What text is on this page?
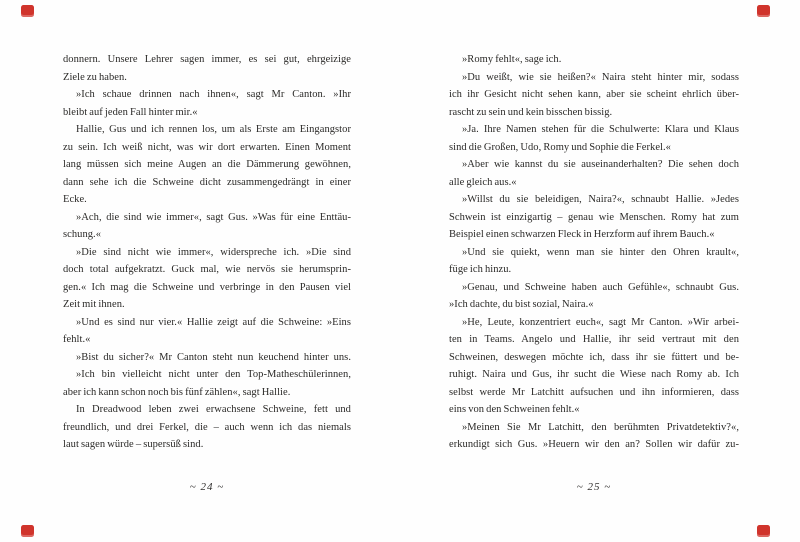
donnern. Unsere Lehrer sagen immer, es sei gut, ehrgeizige
Ziele zu haben.
»Ich schaue drinnen nach ihnen«, sagt Mr Canton. »Ihr
bleibt auf jeden Fall hinter mir.«
Hallie, Gus und ich rennen los, um als Erste am Eingangstor
zu sein. Ich weiß nicht, was wir dort erwarten. Einen Moment
lang müssen sich meine Augen an die Dämmerung gewöhnen,
dann sehe ich die Schweine dicht zusammengedrängt in einer
Ecke.
»Ach, die sind wie immer«, sagt Gus. »Was für eine Enttäu-
schung.«
»Die sind nicht wie immer«, widerspreche ich. »Die sind
doch total aufgekratzt. Guck mal, wie nervös sie herumsprin-
gen.« Ich mag die Schweine und verbringe in den Pausen viel
Zeit mit ihnen.
»Und es sind nur vier.« Hallie zeigt auf die Schweine: »Eins
fehlt.«
»Bist du sicher?« Mr Canton steht nun keuchend hinter uns.
»Ich bin vielleicht nicht unter den Top-Matheschülerinnen,
aber ich kann schon noch bis fünf zählen«, sagt Hallie.
In Dreadwood leben zwei erwachsene Schweine, fett und
freundlich, und drei Ferkel, die – auch wenn ich das niemals
laut sagen würde – supersüß sind.
~ 24 ~
»Romy fehlt«, sage ich.
»Du weißt, wie sie heißen?« Naira steht hinter mir, sodass
ich ihr Gesicht nicht sehen kann, aber sie scheint ehrlich über-
rascht zu sein und kein bisschen bissig.
»Ja. Ihre Namen stehen für die Schulwerte: Klara und Klaus
sind die Großen, Udo, Romy und Sophie die Ferkel.«
»Aber wie kannst du sie auseinanderhalten? Die sehen doch
alle gleich aus.«
»Willst du sie beleidigen, Naira?«, schnaubt Hallie. »Jedes
Schwein ist einzigartig – genau wie Menschen. Romy hat zum
Beispiel einen schwarzen Fleck in Herzform auf ihrem Bauch.«
»Und sie quiekt, wenn man sie hinter den Ohren krault«,
füge ich hinzu.
»Genau, und Schweine haben auch Gefühle«, schnaubt Gus.
»Ich dachte, du bist sozial, Naira.«
»He, Leute, konzentriert euch«, sagt Mr Canton. »Wir arbei-
ten in Teams. Angelo und Hallie, ihr seid vertraut mit den
Schweinen, deswegen möchte ich, dass ihr sie füttert und be-
ruhigt. Naira und Gus, ihr sucht die Wiese nach Romy ab. Ich
selbst werde Mr Latchitt aufsuchen und ihn informieren, dass
eins von den Schweinen fehlt.«
»Meinen Sie Mr Latchitt, den berühmten Privatdetektiv?«,
erkundigt sich Gus. »Heuern wir den an? Sollen wir dafür zu-
~ 25 ~
